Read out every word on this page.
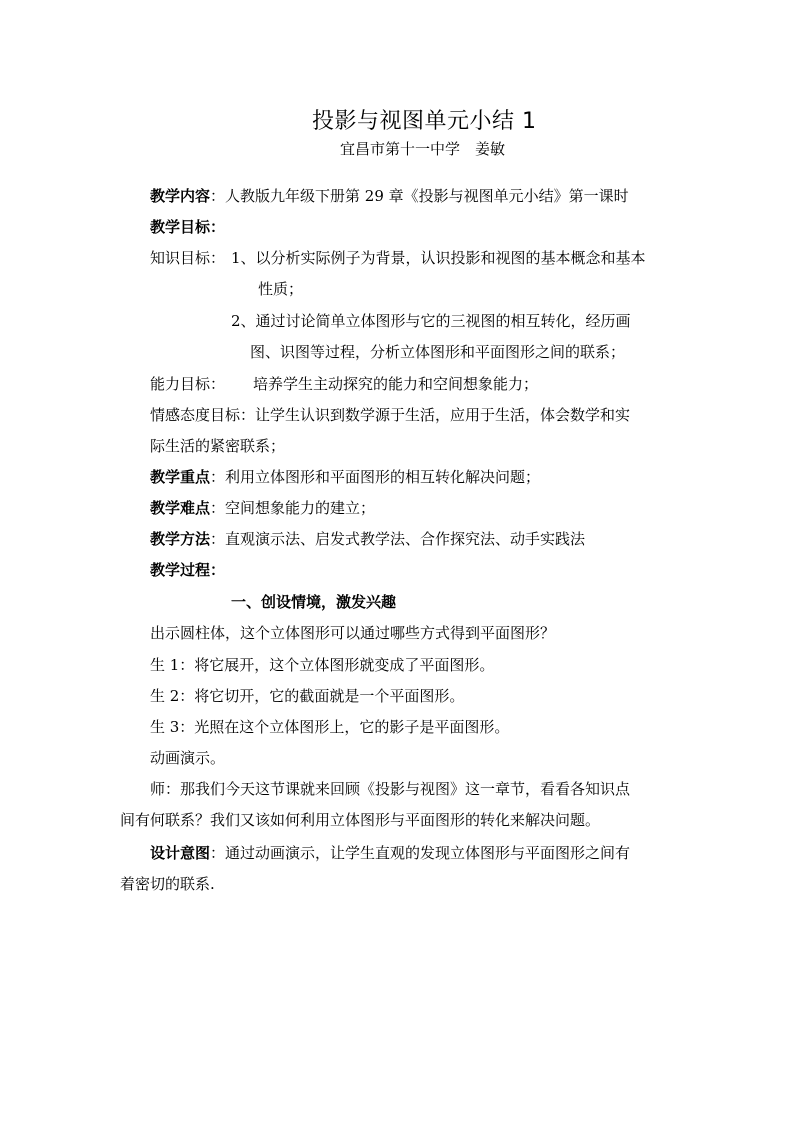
投影与视图单元小结 1
宜昌市第十一中学　姜敏
教学内容：人教版九年级下册第 29 章《投影与视图单元小结》第一课时
教学目标：
知识目标： 1、以分析实际例子为背景，认识投影和视图的基本概念和基本
性质；
2、通过讨论简单立体图形与它的三视图的相互转化，经历画
图、识图等过程，分析立体图形和平面图形之间的联系；
能力目标： 培养学生主动探究的能力和空间想象能力；
情感态度目标：让学生认识到数学源于生活，应用于生活，体会数学和实
际生活的紧密联系；
教学重点：利用立体图形和平面图形的相互转化解决问题；
教学难点：空间想象能力的建立；
教学方法：直观演示法、启发式教学法、合作探究法、动手实践法
教学过程：
一、创设情境，激发兴趣
出示圆柱体，这个立体图形可以通过哪些方式得到平面图形？
生 1：将它展开，这个立体图形就变成了平面图形。
生 2：将它切开，它的截面就是一个平面图形。
生 3：光照在这个立体图形上，它的影子是平面图形。
动画演示。
师：那我们今天这节课就来回顾《投影与视图》这一章节，看看各知识点
间有何联系？我们又该如何利用立体图形与平面图形的转化来解决问题。
设计意图：通过动画演示，让学生直观的发现立体图形与平面图形之间有
着密切的联系.
